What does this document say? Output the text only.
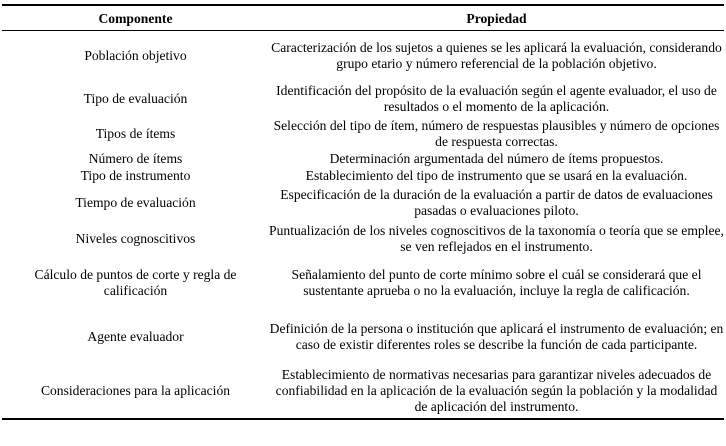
Componente	Propiedad
Población objetivo	Caracterización de los sujetos a quienes se les aplicará la evaluación, considerando grupo etario y número referencial de la población objetivo.
Tipo de evaluación	Identificación del propósito de la evaluación según el agente evaluador, el uso de resultados o el momento de la aplicación.
Tipos de ítems	Selección del tipo de ítem, número de respuestas plausibles y número de opciones de respuesta correctas.
Número de ítems	Determinación argumentada del número de ítems propuestos.
Tipo de instrumento	Establecimiento del tipo de instrumento que se usará en la evaluación.
Tiempo de evaluación	Especificación de la duración de la evaluación a partir de datos de evaluaciones pasadas o evaluaciones piloto.
Niveles cognoscitivos	Puntualización de los niveles cognoscitivos de la taxonomía o teoría que se emplee, se ven reflejados en el instrumento.
Cálculo de puntos de corte y regla de calificación	Señalamiento del punto de corte mínimo sobre el cuál se considerará que el sustentante aprueba o no la evaluación, incluye la regla de calificación.
Agente evaluador	Definición de la persona o institución que aplicará el instrumento de evaluación; en caso de existir diferentes roles se describe la función de cada participante.
Consideraciones para la aplicación	Establecimiento de normativas necesarias para garantizar niveles adecuados de confiabilidad en la aplicación de la evaluación según la población y la modalidad de aplicación del instrumento.
